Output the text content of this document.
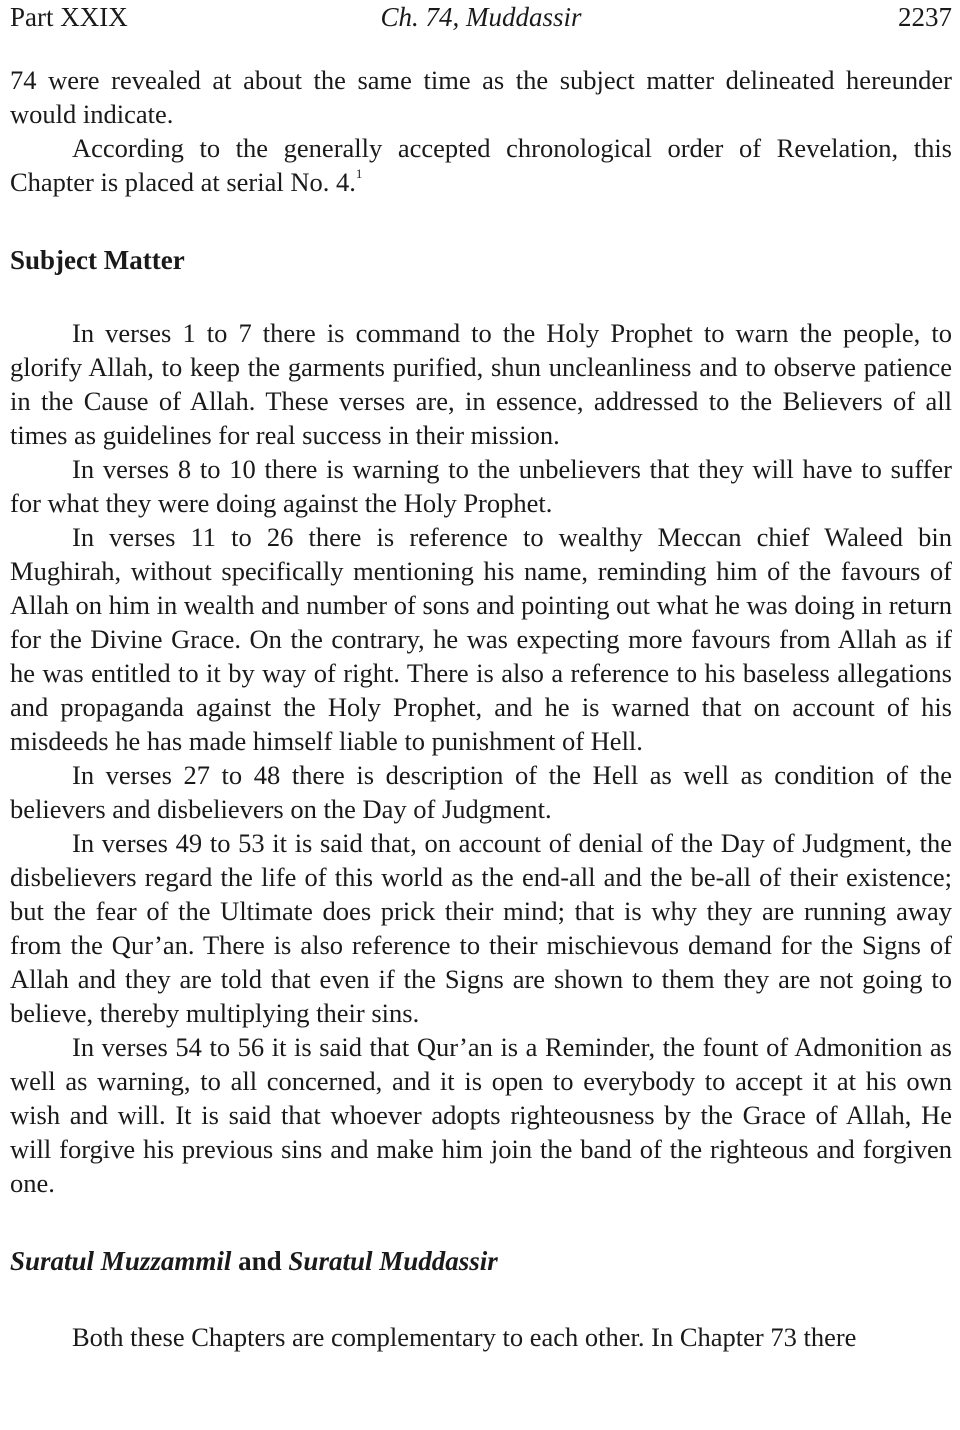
Part XXIX	Ch. 74, Muddassir	2237

74 were revealed at about the same time as the subject matter delineated hereunder would indicate.

According to the generally accepted chronological order of Revelation, this Chapter is placed at serial No. 4.$^1$

Subject Matter

In verses 1 to 7 there is command to the Holy Prophet to warn the people, to glorify Allah, to keep the garments purified, shun uncleanliness and to observe patience in the Cause of Allah. These verses are, in essence, addressed to the Believers of all times as guidelines for real success in their mission.

In verses 8 to 10 there is warning to the unbelievers that they will have to suffer for what they were doing against the Holy Prophet.

In verses 11 to 26 there is reference to wealthy Meccan chief Waleed bin Mughirah, without specifically mentioning his name, reminding him of the favours of Allah on him in wealth and number of sons and pointing out what he was doing in return for the Divine Grace. On the contrary, he was expecting more favours from Allah as if he was entitled to it by way of right. There is also a reference to his baseless allegations and propaganda against the Holy Prophet, and he is warned that on account of his misdeeds he has made himself liable to punishment of Hell.

In verses 27 to 48 there is description of the Hell as well as condition of the believers and disbelievers on the Day of Judgment.

In verses 49 to 53 it is said that, on account of denial of the Day of Judgment, the disbelievers regard the life of this world as the end-all and the be-all of their existence; but the fear of the Ultimate does prick their mind; that is why they are running away from the Qur’an. There is also reference to their mischievous demand for the Signs of Allah and they are told that even if the Signs are shown to them they are not going to believe, thereby multiplying their sins.

In verses 54 to 56 it is said that Qur’an is a Reminder, the fount of Admonition as well as warning, to all concerned, and it is open to everybody to accept it at his own wish and will. It is said that whoever adopts righteousness by the Grace of Allah, He will forgive his previous sins and make him join the band of the righteous and forgiven one.

Suratul Muzzammil and Suratul Muddassir

Both these Chapters are complementary to each other. In Chapter 73 there
